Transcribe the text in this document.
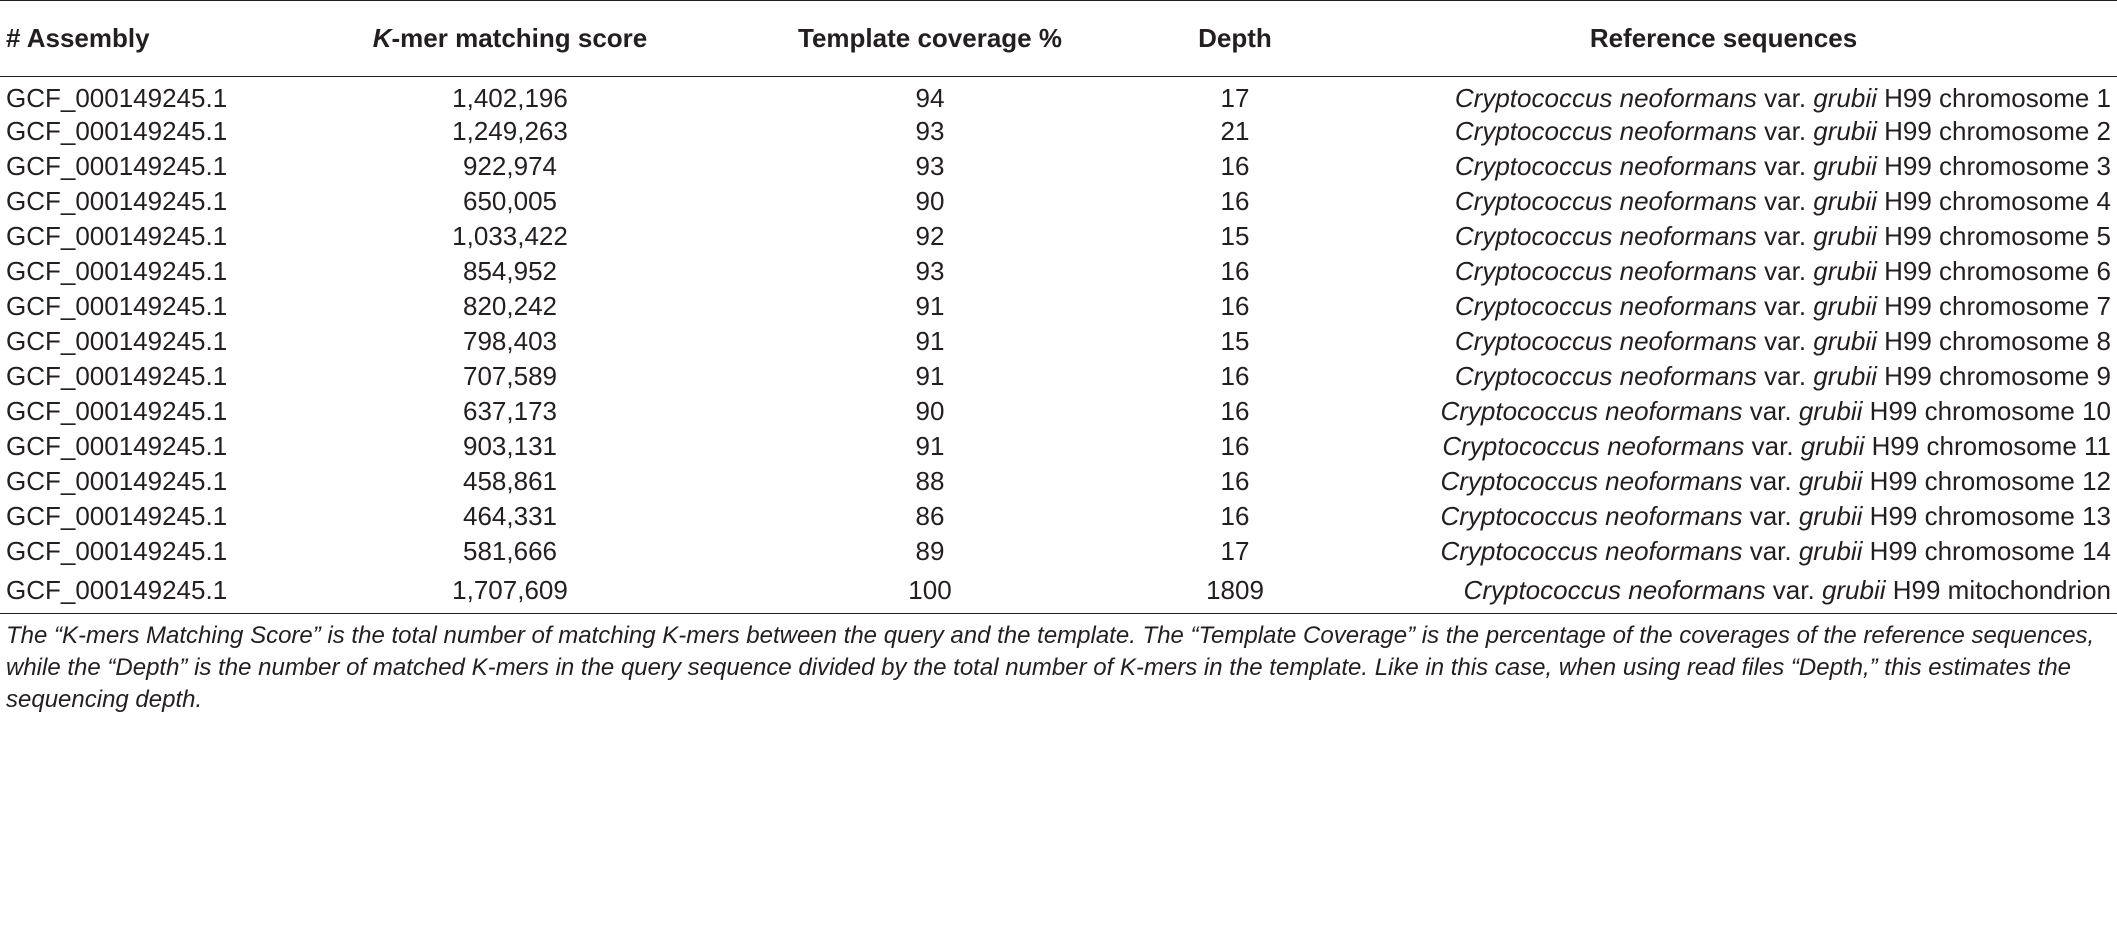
# Assembly	K-mer matching score	Template coverage %	Depth	Reference sequences
GCF_000149245.1	1,402,196	94	17	Cryptococcus neoformans var. grubii H99 chromosome 1
GCF_000149245.1	1,249,263	93	21	Cryptococcus neoformans var. grubii H99 chromosome 2
GCF_000149245.1	922,974	93	16	Cryptococcus neoformans var. grubii H99 chromosome 3
GCF_000149245.1	650,005	90	16	Cryptococcus neoformans var. grubii H99 chromosome 4
GCF_000149245.1	1,033,422	92	15	Cryptococcus neoformans var. grubii H99 chromosome 5
GCF_000149245.1	854,952	93	16	Cryptococcus neoformans var. grubii H99 chromosome 6
GCF_000149245.1	820,242	91	16	Cryptococcus neoformans var. grubii H99 chromosome 7
GCF_000149245.1	798,403	91	15	Cryptococcus neoformans var. grubii H99 chromosome 8
GCF_000149245.1	707,589	91	16	Cryptococcus neoformans var. grubii H99 chromosome 9
GCF_000149245.1	637,173	90	16	Cryptococcus neoformans var. grubii H99 chromosome 10
GCF_000149245.1	903,131	91	16	Cryptococcus neoformans var. grubii H99 chromosome 11
GCF_000149245.1	458,861	88	16	Cryptococcus neoformans var. grubii H99 chromosome 12
GCF_000149245.1	464,331	86	16	Cryptococcus neoformans var. grubii H99 chromosome 13
GCF_000149245.1	581,666	89	17	Cryptococcus neoformans var. grubii H99 chromosome 14
GCF_000149245.1	1,707,609	100	1809	Cryptococcus neoformans var. grubii H99 mitochondrion
The “K-mers Matching Score” is the total number of matching K-mers between the query and the template. The “Template Coverage” is the percentage of the coverages of the reference sequences, while the “Depth” is the number of matched K-mers in the query sequence divided by the total number of K-mers in the template. Like in this case, when using read files “Depth,” this estimates the sequencing depth.
